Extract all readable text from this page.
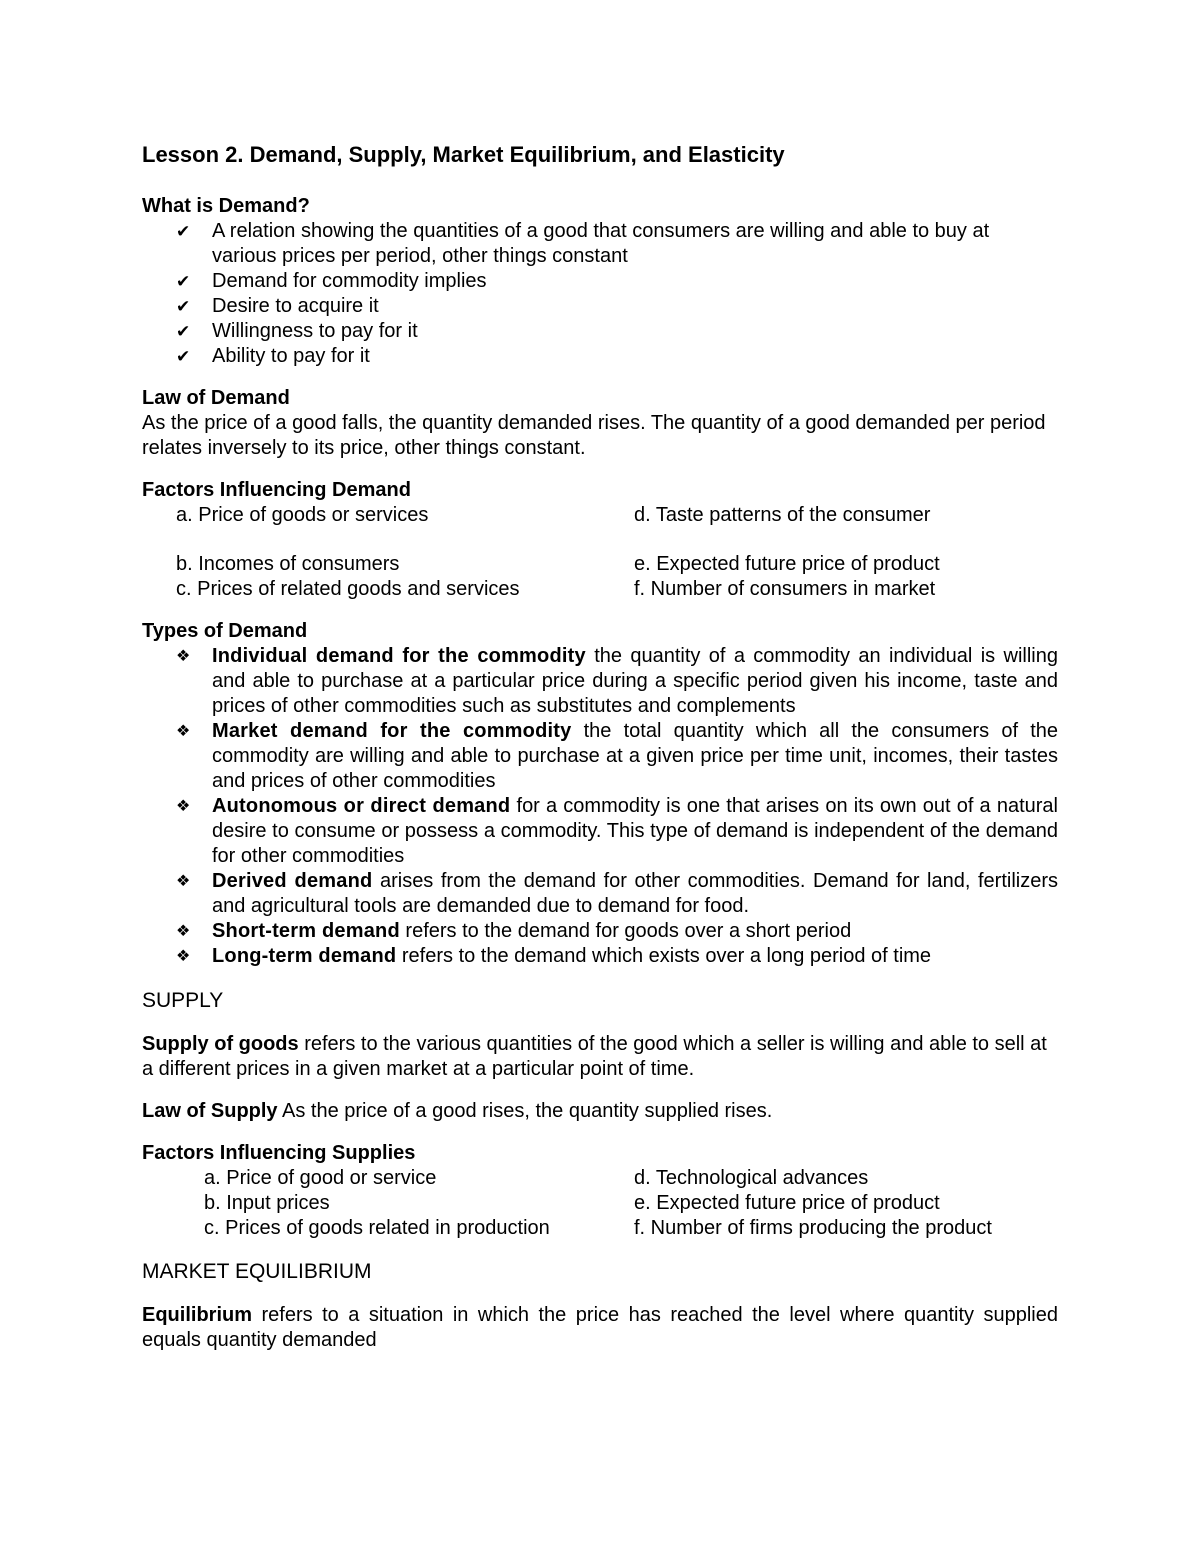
Lesson 2. Demand, Supply, Market Equilibrium, and Elasticity

What is Demand?

✔ A relation showing the quantities of a good that consumers are willing and able to buy at various prices per period, other things constant
✔ Demand for commodity implies
✔ Desire to acquire it
✔ Willingness to pay for it
✔ Ability to pay for it

Law of Demand

As the price of a good falls, the quantity demanded rises. The quantity of a good demanded per period relates inversely to its price, other things constant.

Factors Influencing Demand

a. Price of goods or services	d. Taste patterns of the consumer
b. Incomes of consumers	e. Expected future price of product
c. Prices of related goods and services	f. Number of consumers in market

Types of Demand

❖ Individual demand for the commodity the quantity of a commodity an individual is willing and able to purchase at a particular price during a specific period given his income, taste and prices of other commodities such as substitutes and complements
❖ Market demand for the commodity the total quantity which all the consumers of the commodity are willing and able to purchase at a given price per time unit, incomes, their tastes and prices of other commodities
❖ Autonomous or direct demand for a commodity is one that arises on its own out of a natural desire to consume or possess a commodity. This type of demand is independent of the demand for other commodities
❖ Derived demand arises from the demand for other commodities. Demand for land, fertilizers and agricultural tools are demanded due to demand for food.
❖ Short-term demand refers to the demand for goods over a short period
❖ Long-term demand refers to the demand which exists over a long period of time

SUPPLY

Supply of goods refers to the various quantities of the good which a seller is willing and able to sell at a different prices in a given market at a particular point of time.

Law of Supply As the price of a good rises, the quantity supplied rises.

Factors Influencing Supplies

a. Price of good or service	d. Technological advances
b. Input prices	e. Expected future price of product
c. Prices of goods related in production	f. Number of firms producing the product

MARKET EQUILIBRIUM

Equilibrium refers to a situation in which the price has reached the level where quantity supplied equals quantity demanded
